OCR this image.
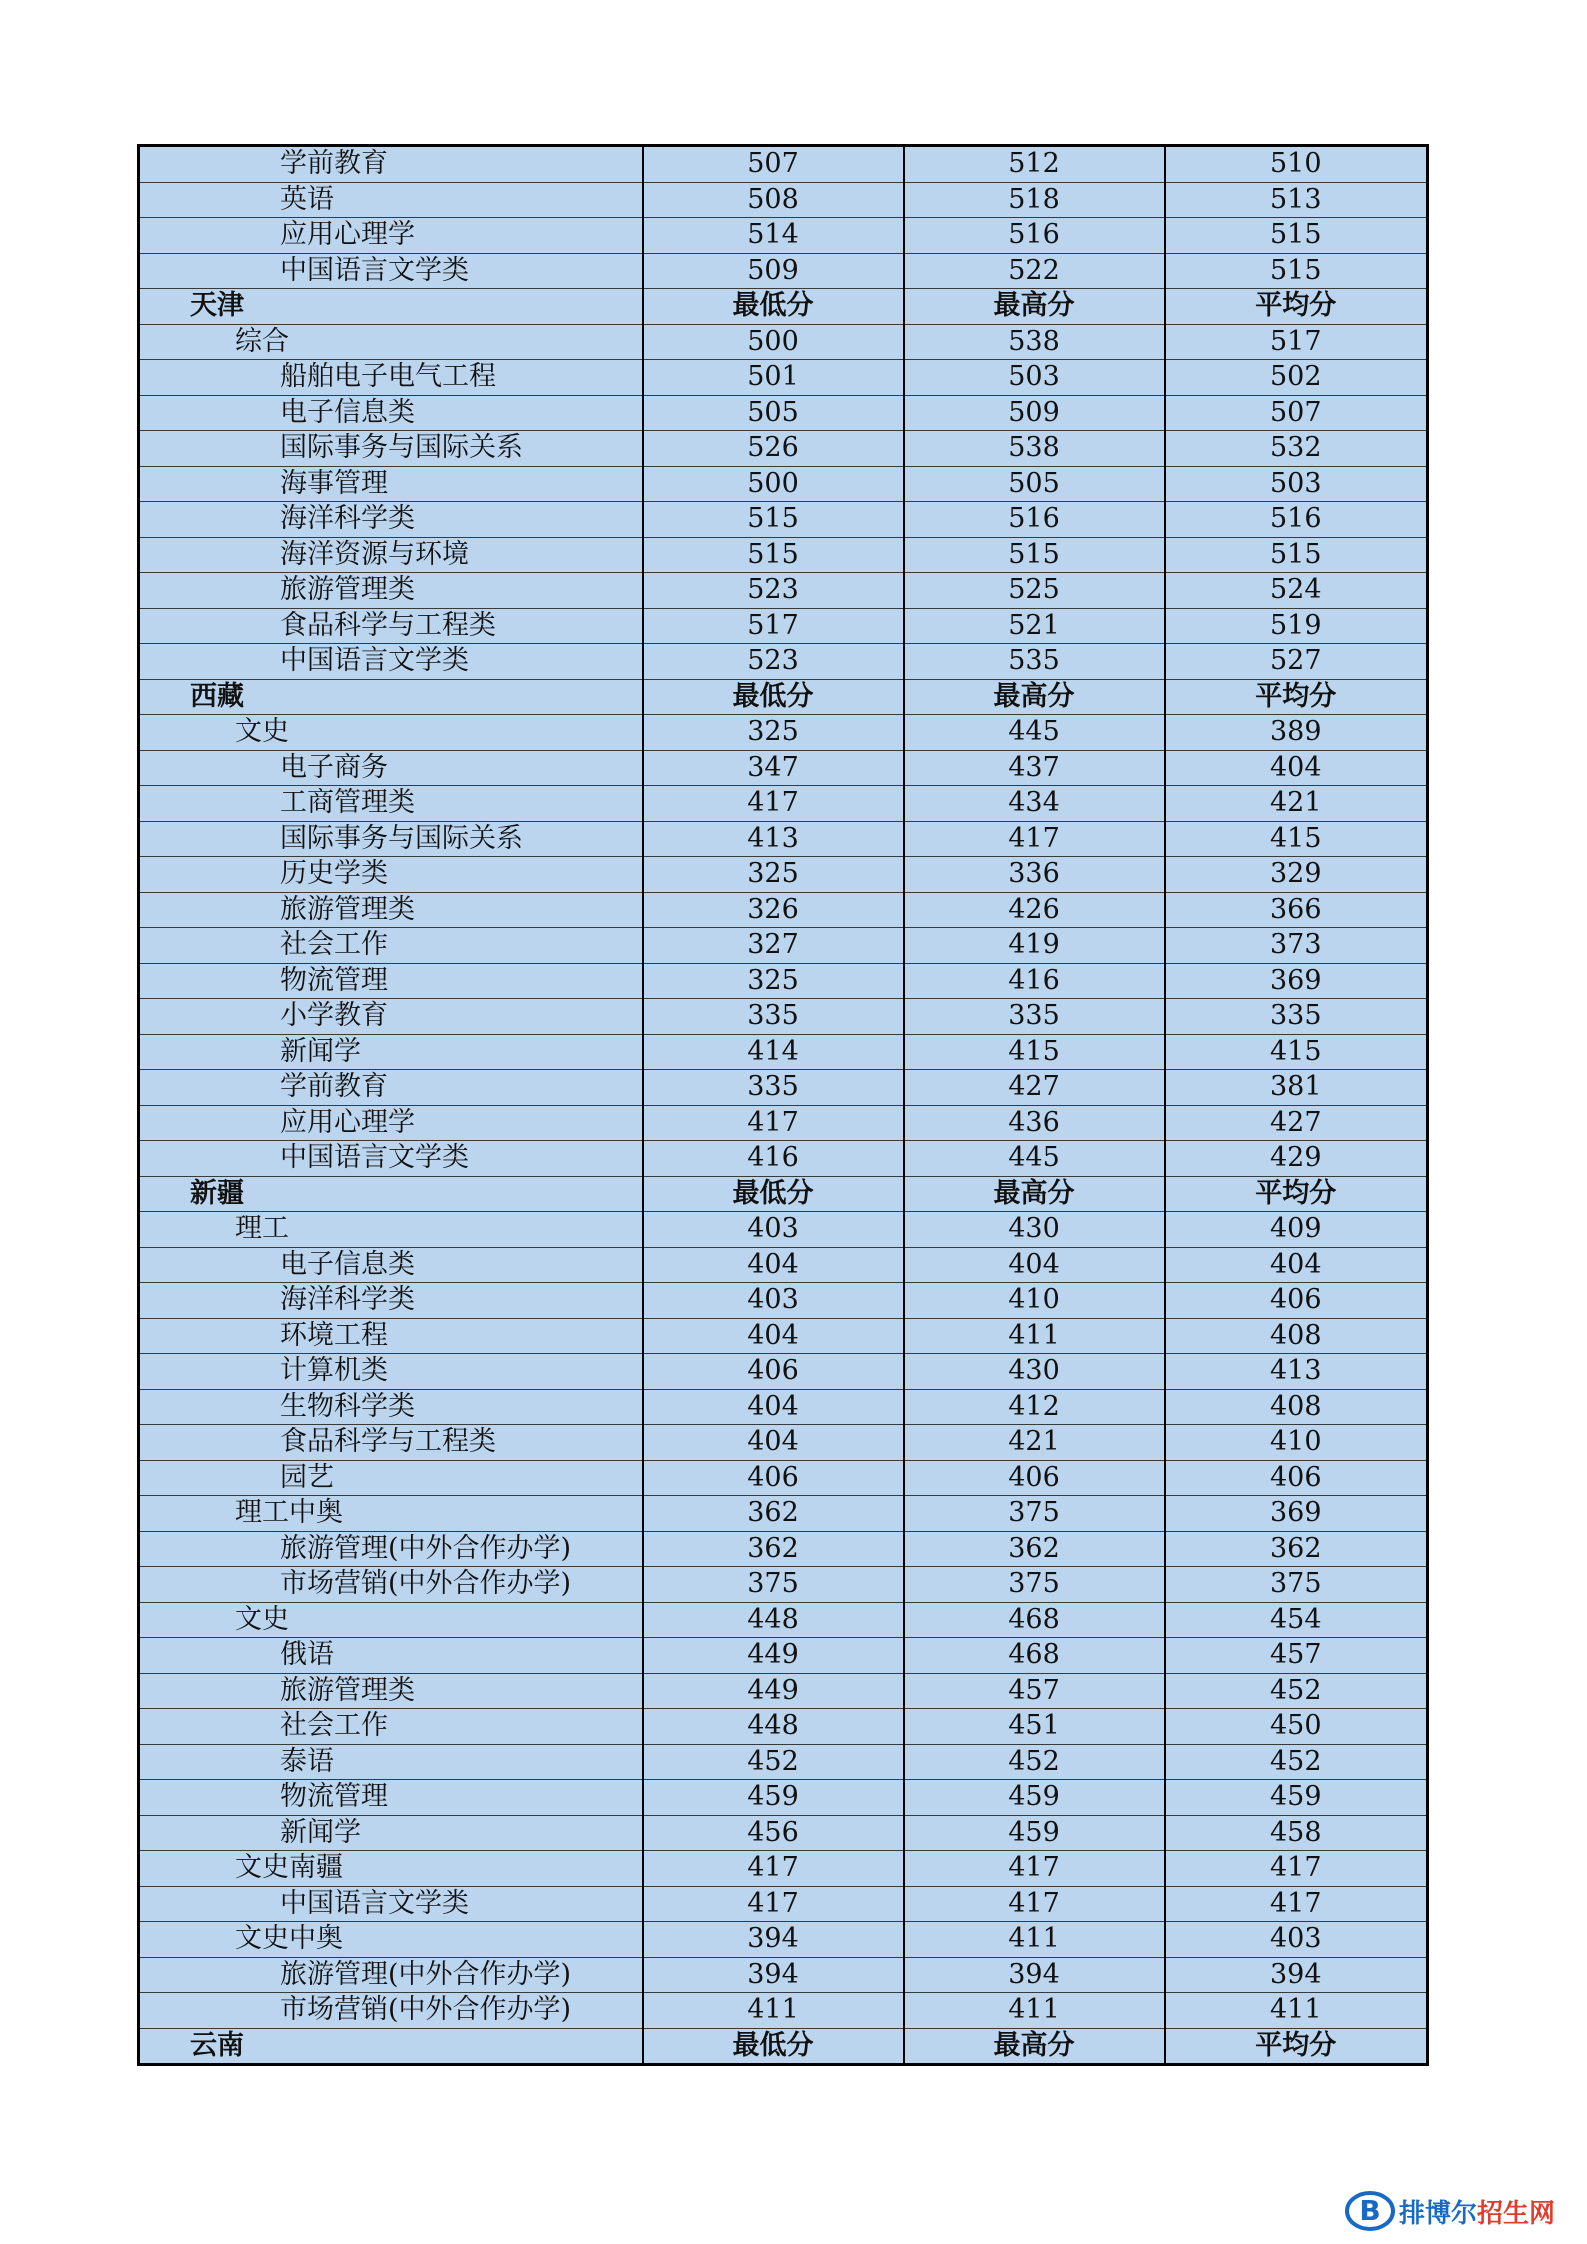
学前教育	507	512	510
英语	508	518	513
应用心理学	514	516	515
中国语言文学类	509	522	515
天津	最低分	最高分	平均分
综合	500	538	517
船舶电子电气工程	501	503	502
电子信息类	505	509	507
国际事务与国际关系	526	538	532
海事管理	500	505	503
海洋科学类	515	516	516
海洋资源与环境	515	515	515
旅游管理类	523	525	524
食品科学与工程类	517	521	519
中国语言文学类	523	535	527
西藏	最低分	最高分	平均分
文史	325	445	389
电子商务	347	437	404
工商管理类	417	434	421
国际事务与国际关系	413	417	415
历史学类	325	336	329
旅游管理类	326	426	366
社会工作	327	419	373
物流管理	325	416	369
小学教育	335	335	335
新闻学	414	415	415
学前教育	335	427	381
应用心理学	417	436	427
中国语言文学类	416	445	429
新疆	最低分	最高分	平均分
理工	403	430	409
电子信息类	404	404	404
海洋科学类	403	410	406
环境工程	404	411	408
计算机类	406	430	413
生物科学类	404	412	408
食品科学与工程类	404	421	410
园艺	406	406	406
理工中奥	362	375	369
旅游管理(中外合作办学)	362	362	362
市场营销(中外合作办学)	375	375	375
文史	448	468	454
俄语	449	468	457
旅游管理类	449	457	452
社会工作	448	451	450
泰语	452	452	452
物流管理	459	459	459
新闻学	456	459	458
文史南疆	417	417	417
中国语言文学类	417	417	417
文史中奥	394	411	403
旅游管理(中外合作办学)	394	394	394
市场营销(中外合作办学)	411	411	411
云南	最低分	最高分	平均分
B 排博尔招生网
